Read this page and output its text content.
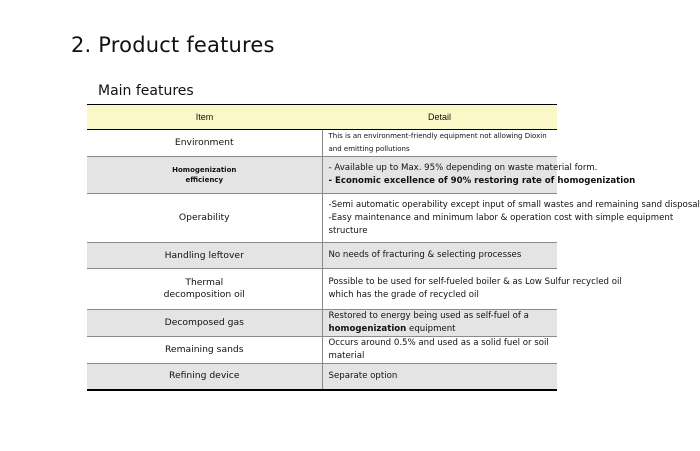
2. Product features
Main features
Item	Detail
Environment	This is an environment-friendly equipment not allowing Dioxin and emitting pollutions

Homogenization
efficiency	- Available up to Max. 95% depending on waste material form.
- Economic excellence of 90% restoring rate of homogenization

Operability	-Semi automatic operability except input of small wastes and remaining sand disposal
-Easy maintenance and minimum labor & operation cost with simple equipment
structure

Handling leftover	No needs of fracturing & selecting processes

Thermal
decomposition oil	Possible to be used for self-fueled boiler & as Low Sulfur recycled oil
which has the grade of recycled oil

Decomposed gas	Restored to energy being used as self-fuel of a homogenization equipment
Remaining sands	Occurs around 0.5% and used as a solid fuel or soil material
Refining device	Separate option
